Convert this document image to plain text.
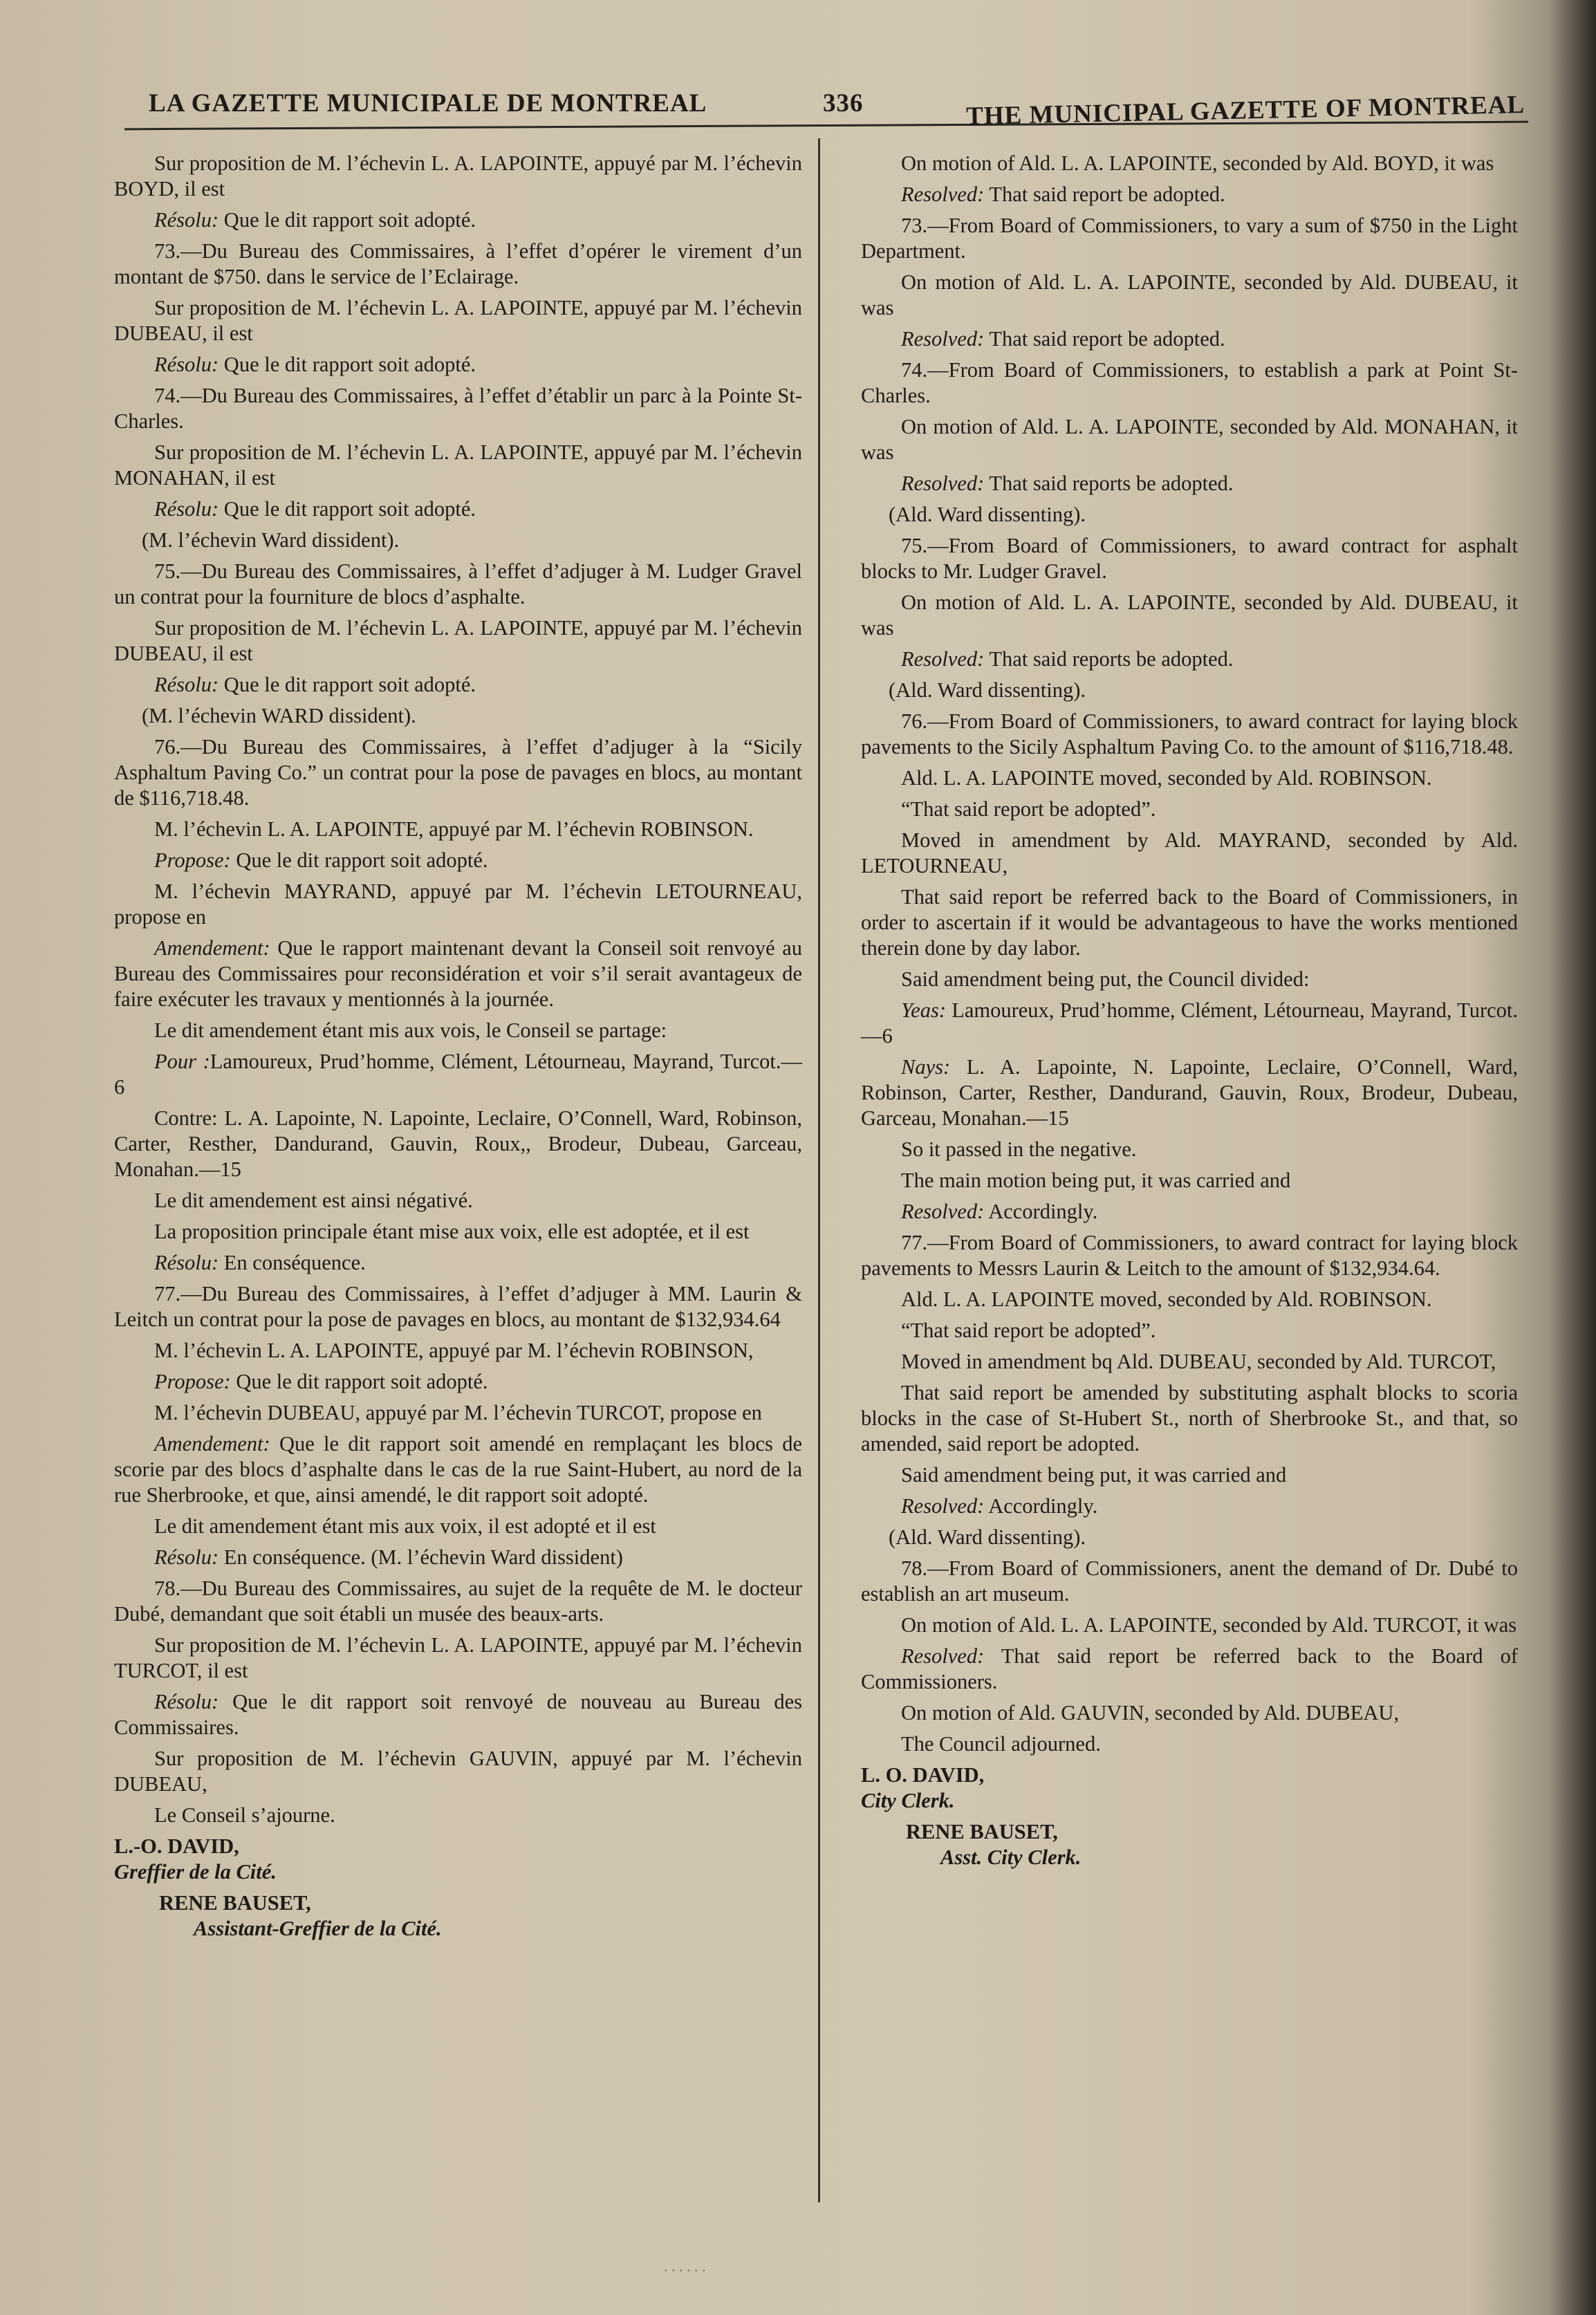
LA GAZETTE MUNICIPALE DE MONTREAL	336	THE MUNICIPAL GAZETTE OF MONTREAL

Sur proposition de M. l’échevin L. A. LAPOINTE, appuyé par M. l’échevin BOYD, il est

Résolu: Que le dit rapport soit adopté.

73.—Du Bureau des Commissaires, à l’effet d’opérer le virement d’un montant de $750. dans le service de l’Eclairage.

Sur proposition de M. l’échevin L. A. LAPOINTE, appuyé par M. l’échevin DUBEAU, il est

Résolu: Que le dit rapport soit adopté.

74.—Du Bureau des Commissaires, à l’effet d’établir un parc à la Pointe St-Charles.

Sur proposition de M. l’échevin L. A. LAPOINTE, appuyé par M. l’échevin MONAHAN, il est

Résolu: Que le dit rapport soit adopté.

(M. l’échevin Ward dissident).

75.—Du Bureau des Commissaires, à l’effet d’adjuger à M. Ludger Gravel un contrat pour la fourniture de blocs d’asphalte.

Sur proposition de M. l’échevin L. A. LAPOINTE, appuyé par M. l’échevin DUBEAU, il est

Résolu: Que le dit rapport soit adopté.

(M. l’échevin WARD dissident).

76.—Du Bureau des Commissaires, à l’effet d’adjuger à la “Sicily Asphaltum Paving Co.” un contrat pour la pose de pavages en blocs, au montant de $116,718.48.

M. l’échevin L. A. LAPOINTE, appuyé par M. l’échevin ROBINSON.

Propose: Que le dit rapport soit adopté.

M. l’échevin MAYRAND, appuyé par M. l’échevin LETOURNEAU, propose en

Amendement: Que le rapport maintenant devant la Conseil soit renvoyé au Bureau des Commissaires pour reconsidération et voir s’il serait avantageux de faire exécuter les travaux y mentionnés à la journée.

Le dit amendement étant mis aux vois, le Conseil se partage:

Pour :Lamoureux, Prud’homme, Clément, Létourneau, Mayrand, Turcot.—6

Contre: L. A. Lapointe, N. Lapointe, Leclaire, O’Connell, Ward, Robinson, Carter, Resther, Dandurand, Gauvin, Roux,, Brodeur, Dubeau, Garceau, Monahan.—15

Le dit amendement est ainsi négativé.

La proposition principale étant mise aux voix, elle est adoptée, et il est

Résolu: En conséquence.

77.—Du Bureau des Commissaires, à l’effet d’adjuger à MM. Laurin & Leitch un contrat pour la pose de pavages en blocs, au montant de $132,934.64

M. l’échevin L. A. LAPOINTE, appuyé par M. l’échevin ROBINSON,

Propose: Que le dit rapport soit adopté.

M. l’échevin DUBEAU, appuyé par M. l’échevin TURCOT, propose en

Amendement: Que le dit rapport soit amendé en remplaçant les blocs de scorie par des blocs d’asphalte dans le cas de la rue Saint-Hubert, au nord de la rue Sherbrooke, et que, ainsi amendé, le dit rapport soit adopté.

Le dit amendement étant mis aux voix, il est adopté et il est

Résolu: En conséquence. (M. l’échevin Ward dissident)

78.—Du Bureau des Commissaires, au sujet de la requête de M. le docteur Dubé, demandant que soit établi un musée des beaux-arts.

Sur proposition de M. l’échevin L. A. LAPOINTE, appuyé par M. l’échevin TURCOT, il est

Résolu: Que le dit rapport soit renvoyé de nouveau au Bureau des Commissaires.

Sur proposition de M. l’échevin GAUVIN, appuyé par M. l’échevin DUBEAU,

Le Conseil s’ajourne.

L.-O. DAVID,
Greffier de la Cité.

RENE BAUSET,
Assistant-Greffier de la Cité.

On motion of Ald. L. A. LAPOINTE, seconded by Ald. BOYD, it was

Resolved: That said report be adopted.

73.—From Board of Commissioners, to vary a sum of $750 in the Light Department.

On motion of Ald. L. A. LAPOINTE, seconded by Ald. DUBEAU, it was

Resolved: That said report be adopted.

74.—From Board of Commissioners, to establish a park at Point St-Charles.

On motion of Ald. L. A. LAPOINTE, seconded by Ald. MONAHAN, it was

Resolved: That said reports be adopted.

(Ald. Ward dissenting).

75.—From Board of Commissioners, to award contract for asphalt blocks to Mr. Ludger Gravel.

On motion of Ald. L. A. LAPOINTE, seconded by Ald. DUBEAU, it was

Resolved: That said reports be adopted.

(Ald. Ward dissenting).

76.—From Board of Commissioners, to award contract for laying block pavements to the Sicily Asphaltum Paving Co. to the amount of $116,718.48.

Ald. L. A. LAPOINTE moved, seconded by Ald. ROBINSON.

“That said report be adopted”.

Moved in amendment by Ald. MAYRAND, seconded by Ald. LETOURNEAU,

That said report be referred back to the Board of Commissioners, in order to ascertain if it would be advantageous to have the works mentioned therein done by day labor.

Said amendment being put, the Council divided:

Yeas: Lamoureux, Prud’homme, Clément, Létourneau, Mayrand, Turcot.—6

Nays: L. A. Lapointe, N. Lapointe, Leclaire, O’Connell, Ward, Robinson, Carter, Resther, Dandurand, Gauvin, Roux, Brodeur, Dubeau, Garceau, Monahan.—15

So it passed in the negative.

The main motion being put, it was carried and

Resolved: Accordingly.

77.—From Board of Commissioners, to award contract for laying block pavements to Messrs Laurin & Leitch to the amount of $132,934.64.

Ald. L. A. LAPOINTE moved, seconded by Ald. ROBINSON.

“That said report be adopted”.

Moved in amendment bq Ald. DUBEAU, seconded by Ald. TURCOT,

That said report be amended by substituting asphalt blocks to scoria blocks in the case of St-Hubert St., north of Sherbrooke St., and that, so amended, said report be adopted.

Said amendment being put, it was carried and

Resolved: Accordingly.

(Ald. Ward dissenting).

78.—From Board of Commissioners, anent the demand of Dr. Dubé to establish an art museum.

On motion of Ald. L. A. LAPOINTE, seconded by Ald. TURCOT, it was

Resolved: That said report be referred back to the Board of Commissioners.

On motion of Ald. GAUVIN, seconded by Ald. DUBEAU,

The Council adjourned.

L. O. DAVID,
City Clerk.

RENE BAUSET,
Asst. City Clerk.

. . . . . .
